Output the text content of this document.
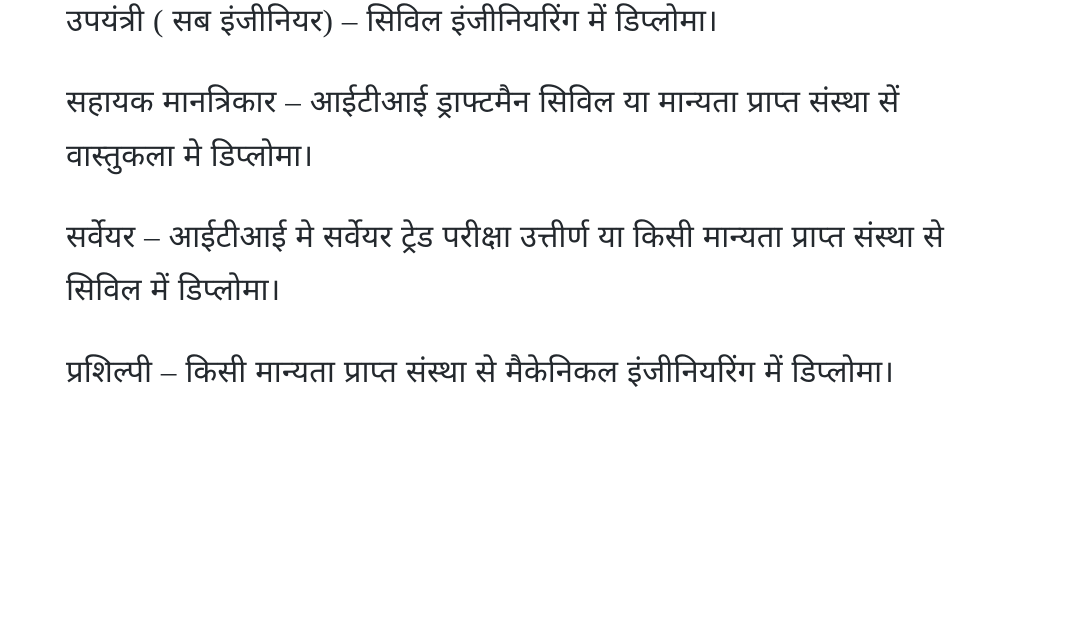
उपयंत्री ( सब इंजीनियर) – सिविल इंजीनियरिंग में डिप्लोमा।

सहायक मानत्रिकार – आईटीआई ड्राफ्टमैन सिविल या मान्यता प्राप्त संस्था सें वास्तुकला मे डिप्लोमा।

सर्वेयर – आईटीआई मे सर्वेयर ट्रेड परीक्षा उत्तीर्ण या किसी मान्यता प्राप्त संस्था से सिविल में डिप्लोमा।

प्रशिल्पी – किसी मान्यता प्राप्त संस्था से मैकेनिकल इंजीनियरिंग में डिप्लोमा।
